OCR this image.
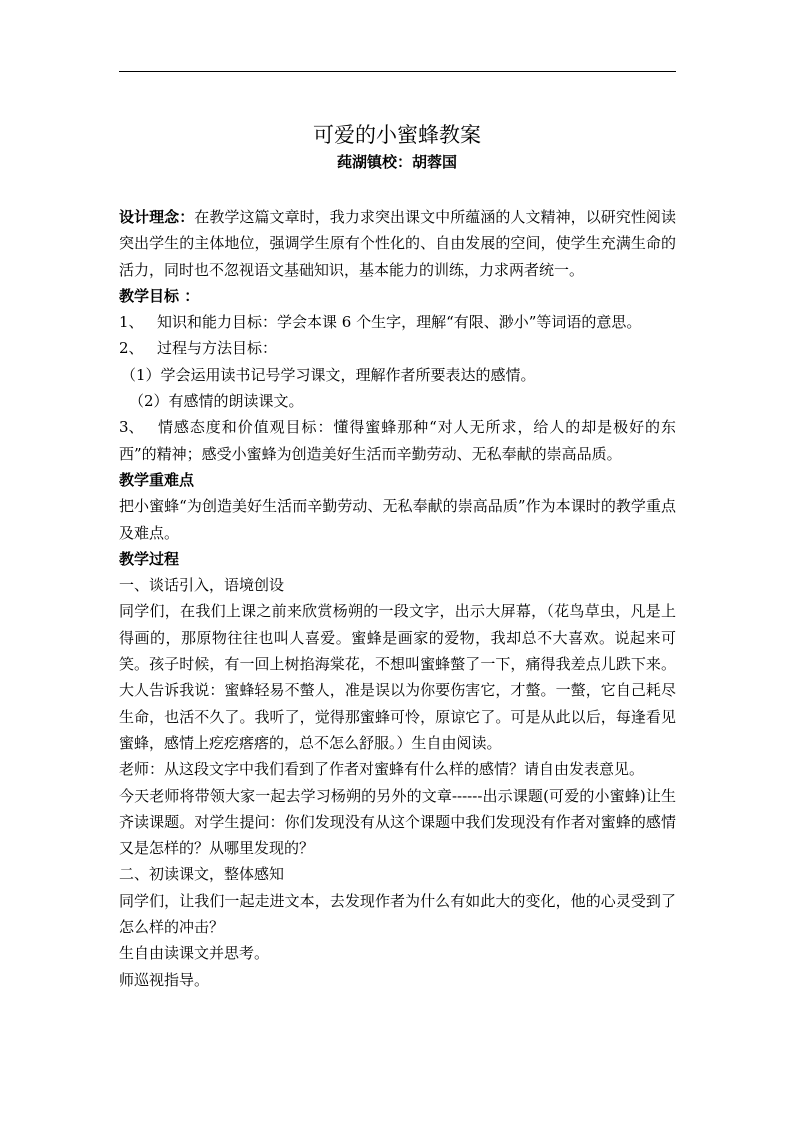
可爱的小蜜蜂教案
莼湖镇校：胡蓉国

设计理念：在教学这篇文章时，我力求突出课文中所蕴涵的人文精神，以研究性阅读突出学生的主体地位，强调学生原有个性化的、自由发展的空间，使学生充满生命的活力，同时也不忽视语文基础知识，基本能力的训练，力求两者统一。

教学目标 ：

1、 知识和能力目标：学会本课 6 个生字，理解“有限、渺小”等词语的意思。

2、 过程与方法目标：

（1）学会运用读书记号学习课文，理解作者所要表达的感情。

（2）有感情的朗读课文。

3、 情感态度和价值观目标：懂得蜜蜂那种“对人无所求，给人的却是极好的东西”的精神；感受小蜜蜂为创造美好生活而辛勤劳动、无私奉献的崇高品质。

教学重难点

把小蜜蜂“为创造美好生活而辛勤劳动、无私奉献的崇高品质”作为本课时的教学重点及难点。

教学过程

一、谈话引入，语境创设

同学们，在我们上课之前来欣赏杨朔的一段文字，出示大屏幕，（花鸟草虫，凡是上得画的，那原物往往也叫人喜爱。蜜蜂是画家的爱物，我却总不大喜欢。说起来可笑。孩子时候，有一回上树掐海棠花，不想叫蜜蜂螫了一下，痛得我差点儿跌下来。大人告诉我说：蜜蜂轻易不螫人，准是误以为你要伤害它，才螫。一螫，它自己耗尽生命，也活不久了。我听了，觉得那蜜蜂可怜，原谅它了。可是从此以后，每逢看见蜜蜂，感情上疙疙瘩瘩的，总不怎么舒服。）生自由阅读。

老师：从这段文字中我们看到了作者对蜜蜂有什么样的感情？请自由发表意见。

今天老师将带领大家一起去学习杨朔的另外的文章------出示课题(可爱的小蜜蜂)让生齐读课题。对学生提问：你们发现没有从这个课题中我们发现没有作者对蜜蜂的感情又是怎样的？从哪里发现的？

二、初读课文，整体感知

同学们，让我们一起走进文本，去发现作者为什么有如此大的变化，他的心灵受到了怎么样的冲击？

生自由读课文并思考。

师巡视指导。
